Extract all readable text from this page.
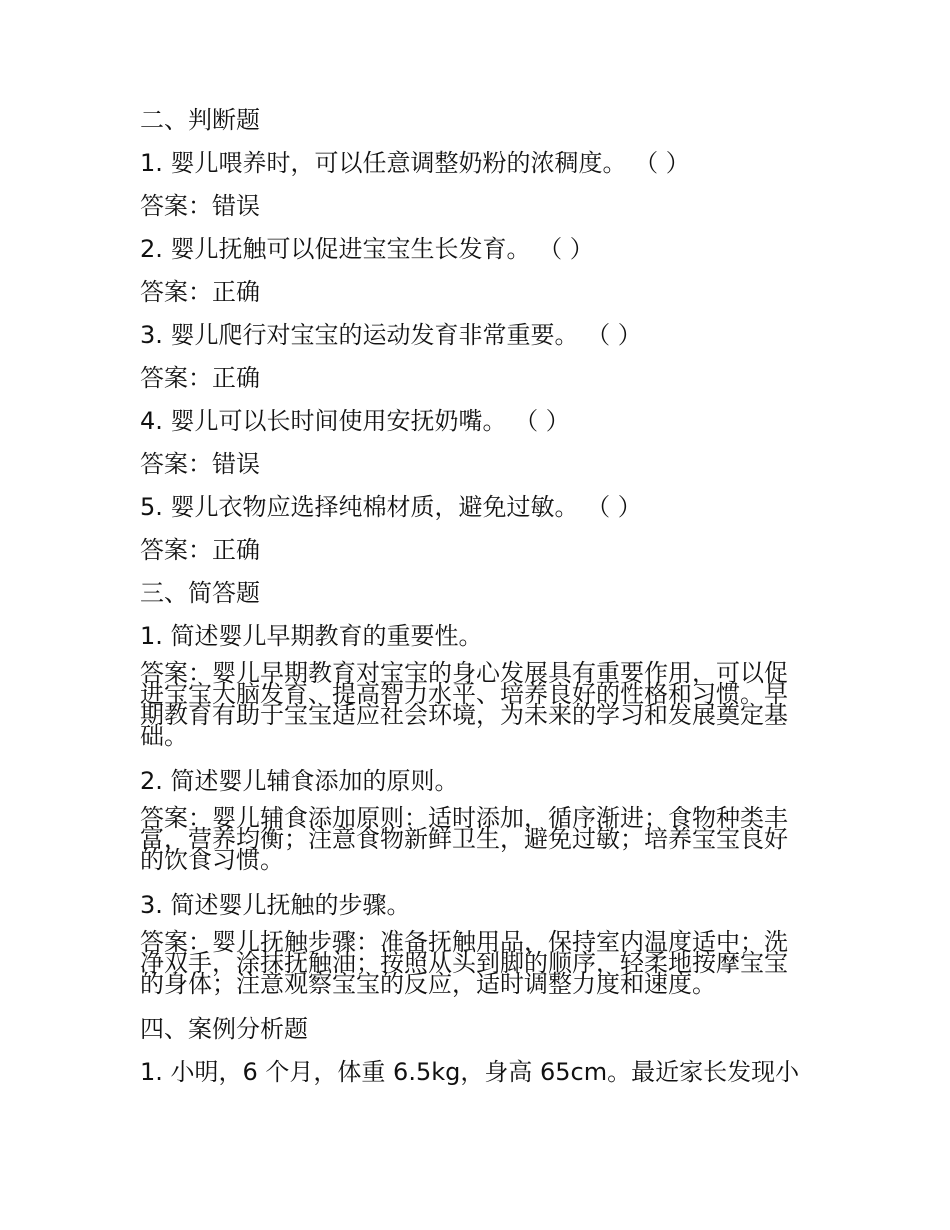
二、判断题
1. 婴儿喂养时，可以任意调整奶粉的浓稠度。 （ ）
答案：错误
2. 婴儿抚触可以促进宝宝生长发育。 （ ）
答案：正确
3. 婴儿爬行对宝宝的运动发育非常重要。 （ ）
答案：正确
4. 婴儿可以长时间使用安抚奶嘴。 （ ）
答案：错误
5. 婴儿衣物应选择纯棉材质，避免过敏。 （ ）
答案：正确
三、简答题
1. 简述婴儿早期教育的重要性。
答案：婴儿早期教育对宝宝的身心发展具有重要作用，可以促
进宝宝大脑发育、提高智力水平、培养良好的性格和习惯。早
期教育有助于宝宝适应社会环境，为未来的学习和发展奠定基
础。
2. 简述婴儿辅食添加的原则。
答案：婴儿辅食添加原则：适时添加，循序渐进；食物种类丰
富，营养均衡；注意食物新鲜卫生，避免过敏；培养宝宝良好
的饮食习惯。
3. 简述婴儿抚触的步骤。
答案：婴儿抚触步骤：准备抚触用品，保持室内温度适中；洗
净双手，涂抹抚触油；按照从头到脚的顺序，轻柔地按摩宝宝
的身体；注意观察宝宝的反应，适时调整力度和速度。
四、案例分析题
1. 小明，6 个月，体重 6.5kg，身高 65cm。最近家长发现小
